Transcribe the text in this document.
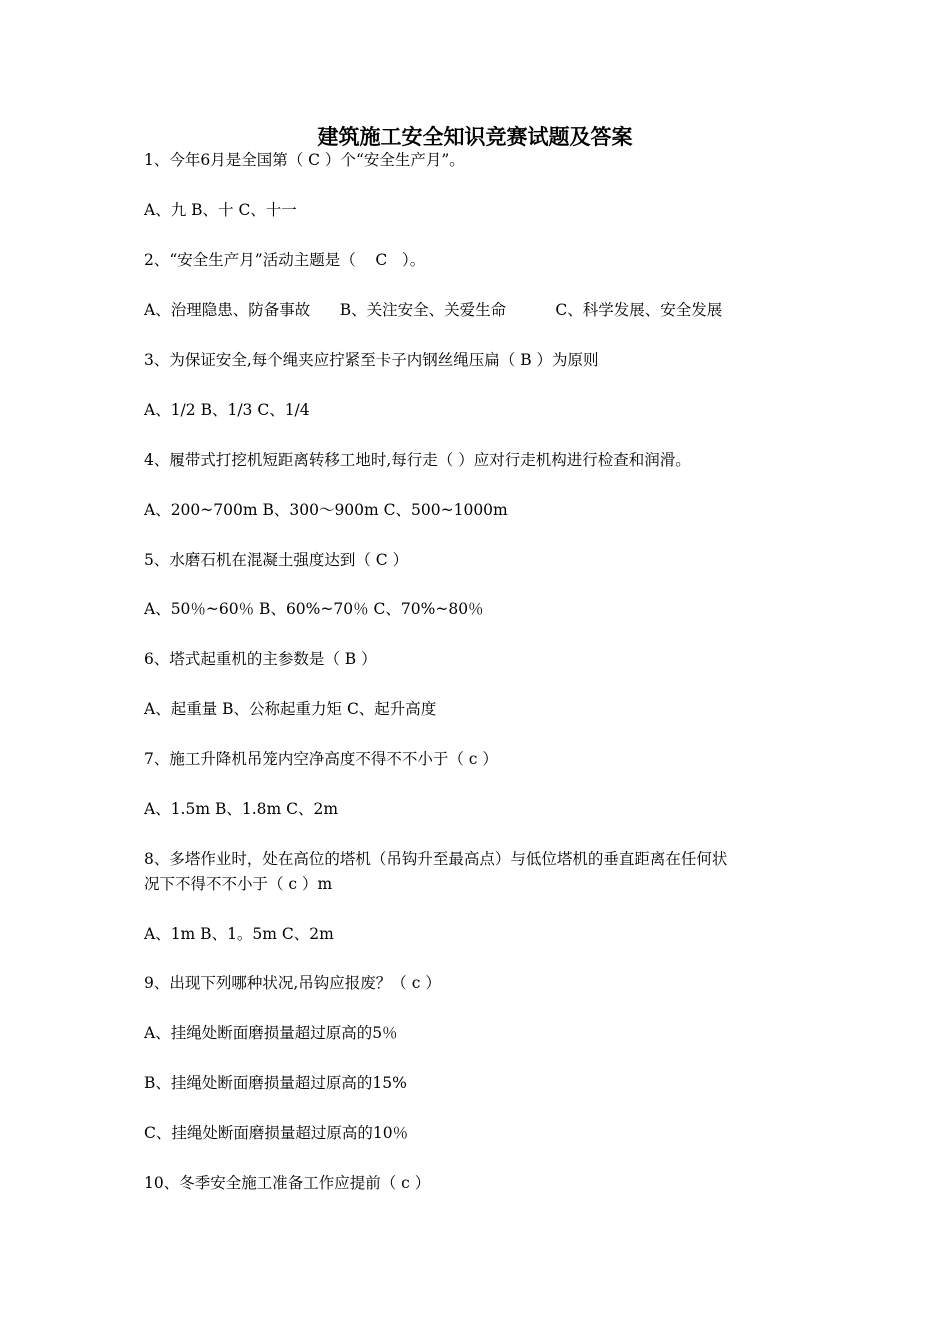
建筑施工安全知识竞赛试题及答案
1、今年6月是全国第（ C ）个“安全生产月”。
A、九 B、十 C、十一
2、“安全生产月”活动主题是（    C   ）。
A、治理隐患、防备事故      B、关注安全、关爱生命          C、科学发展、安全发展
3、为保证安全,每个绳夹应拧紧至卡子内钢丝绳压扁（ B ）为原则
A、1/2 B、1/3 C、1/4
4、履带式打挖机短距离转移工地时,每行走（ ）应对行走机构进行检查和润滑。
A、200~700m B、300～900m C、500~1000m
5、水磨石机在混凝土强度达到（ C ）
A、50％~60％ B、60%~70％ C、70%~80％
6、塔式起重机的主参数是（ B ）
A、起重量 B、公称起重力矩 C、起升高度
7、施工升降机吊笼内空净高度不得不不小于（ c ）
A、1.5m B、1.8m C、2m
8、多塔作业时，处在高位的塔机（吊钩升至最高点）与低位塔机的垂直距离在任何状
况下不得不不小于（ c ）m
A、1m B、1。5m C、2m
9、出现下列哪种状况,吊钩应报废？（ c ）
A、挂绳处断面磨损量超过原高的5％
B、挂绳处断面磨损量超过原高的15%
C、挂绳处断面磨损量超过原高的10％
10、冬季安全施工准备工作应提前（ c ）
